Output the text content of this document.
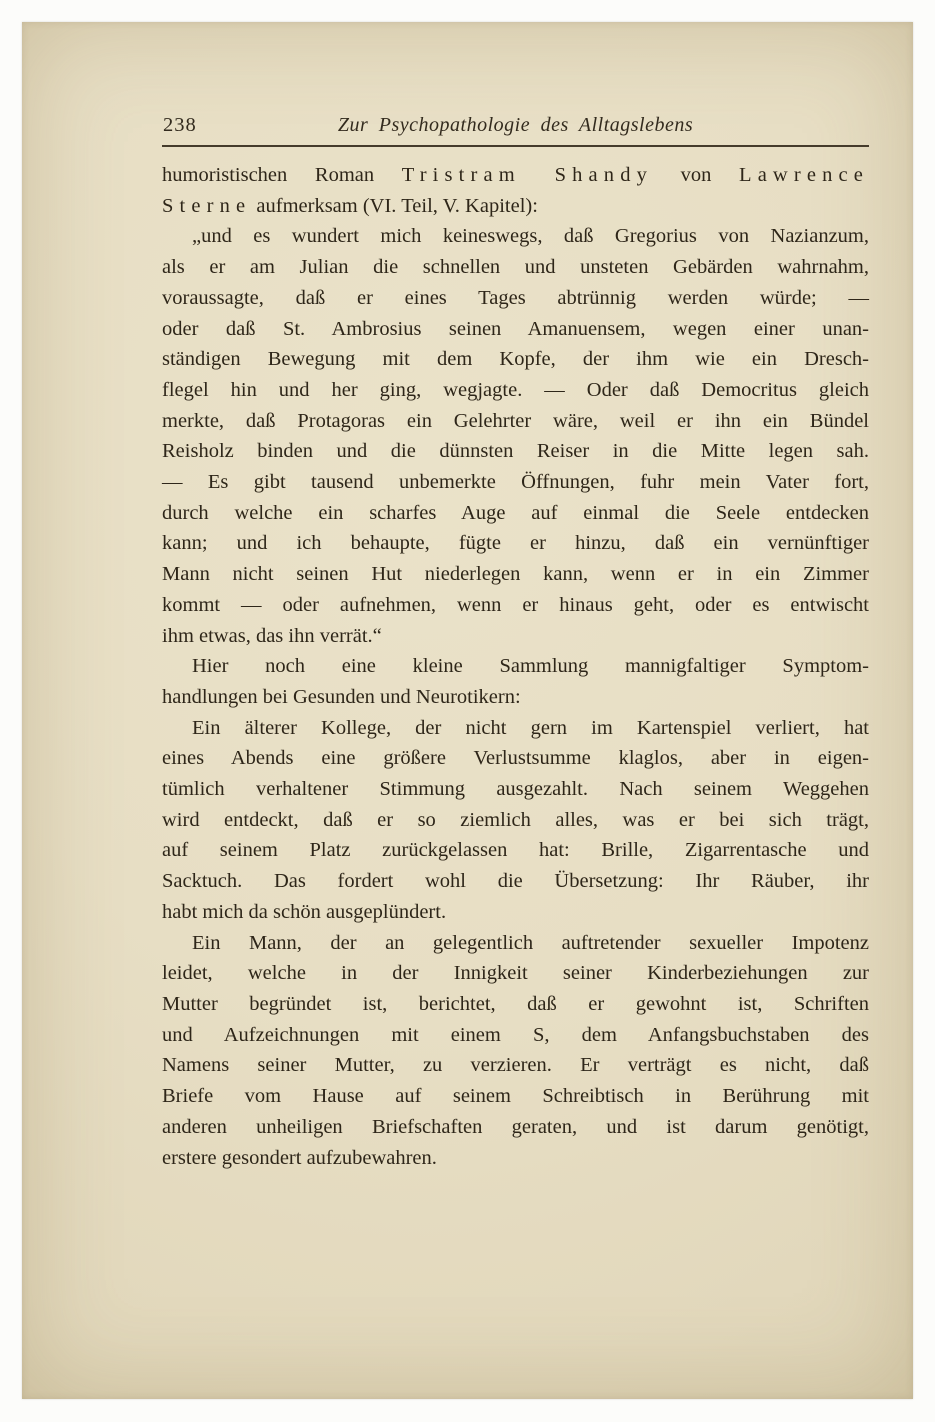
238	Zur Psychopathologie des Alltagslebens
humoristischen Roman Tristram Shandy von Lawrence
Sterne aufmerksam (VI. Teil, V. Kapitel):
„und es wundert mich keineswegs, daß Gregorius von Nazianzum,
als er am Julian die schnellen und unsteten Gebärden wahrnahm,
voraussagte, daß er eines Tages abtrünnig werden würde; —
oder daß St. Ambrosius seinen Amanuensem, wegen einer unan-
ständigen Bewegung mit dem Kopfe, der ihm wie ein Dresch-
flegel hin und her ging, wegjagte. — Oder daß Democritus gleich
merkte, daß Protagoras ein Gelehrter wäre, weil er ihn ein Bündel
Reisholz binden und die dünnsten Reiser in die Mitte legen sah.
— Es gibt tausend unbemerkte Öffnungen, fuhr mein Vater fort,
durch welche ein scharfes Auge auf einmal die Seele entdecken
kann; und ich behaupte, fügte er hinzu, daß ein vernünftiger
Mann nicht seinen Hut niederlegen kann, wenn er in ein Zimmer
kommt — oder aufnehmen, wenn er hinaus geht, oder es entwischt
ihm etwas, das ihn verrät.“
Hier noch eine kleine Sammlung mannigfaltiger Symptom-
handlungen bei Gesunden und Neurotikern:
Ein älterer Kollege, der nicht gern im Kartenspiel verliert, hat
eines Abends eine größere Verlustsumme klaglos, aber in eigen-
tümlich verhaltener Stimmung ausgezahlt. Nach seinem Weggehen
wird entdeckt, daß er so ziemlich alles, was er bei sich trägt,
auf seinem Platz zurückgelassen hat: Brille, Zigarrentasche und
Sacktuch. Das fordert wohl die Übersetzung: Ihr Räuber, ihr
habt mich da schön ausgeplündert.
Ein Mann, der an gelegentlich auftretender sexueller Impotenz
leidet, welche in der Innigkeit seiner Kinderbeziehungen zur
Mutter begründet ist, berichtet, daß er gewohnt ist, Schriften
und Aufzeichnungen mit einem S, dem Anfangsbuchstaben des
Namens seiner Mutter, zu verzieren. Er verträgt es nicht, daß
Briefe vom Hause auf seinem Schreibtisch in Berührung mit
anderen unheiligen Briefschaften geraten, und ist darum genötigt,
erstere gesondert aufzubewahren.
